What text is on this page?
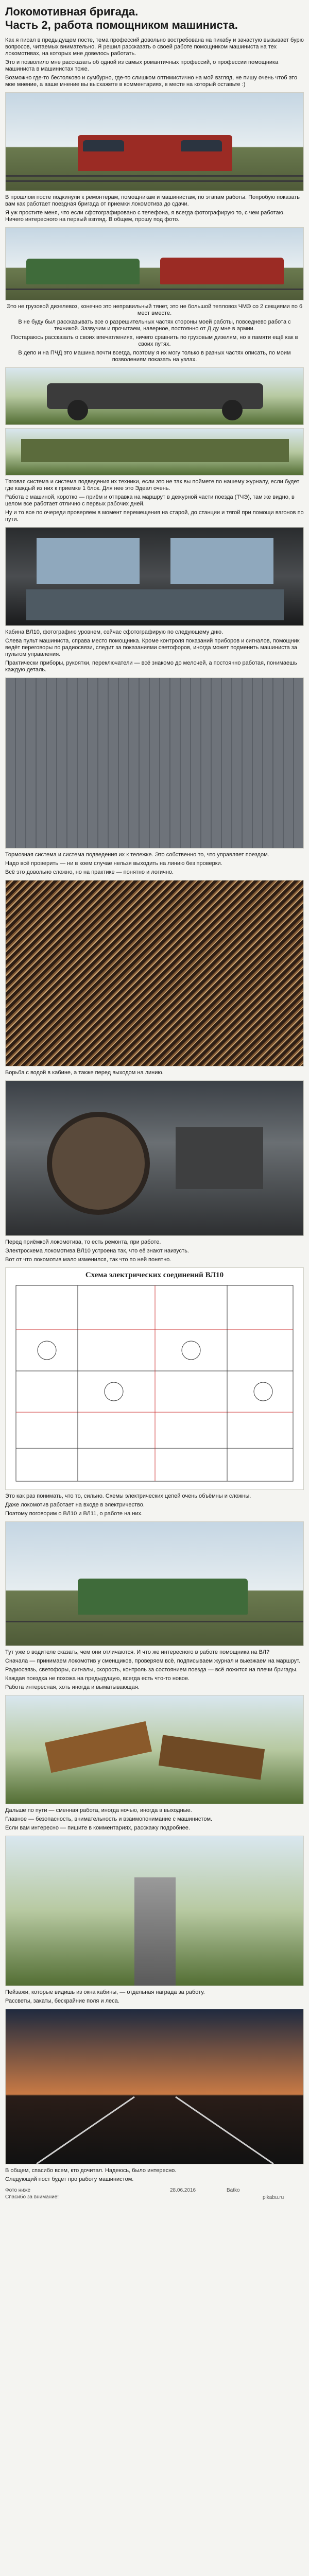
Локомотивная бригада.
Часть 2, работа помощником машиниста.

Как я писал в предыдущем посте, тема профессий довольно востребована на пикабу и зачастую вызывает бурю вопросов, читаемых внимательно. Я решил рассказать о своей работе помощником машиниста на тех локомотивах, на которых мне довелось работать.

Это и позволило мне рассказать об одной из самых романтичных профессий, о профессии помощника машиниста в машинистах тоже.

Возможно где-то бестолково и сумбурно, где-то слишком оптимистично на мой взгляд, не пишу очень чтоб это мое мнение, а ваше мнение вы выскажете в комментариях, в месте на который оставьте :)

В прошлом посте подкинули к ремонтерам, помощникам и машинистам, по этапам работы. Попробую показать вам как работает поездная бригада от приемки локомотива до сдачи.

Я уж простите меня, что если сфотографировано с телефона, я всегда фотографирую то, с чем работаю. Ничего интересного на первый взгляд. В общем, прошу под фото.

Это не грузовой дизелевоз, конечно это неправильный тянет, это не большой тепловоз ЧМЭ со 2 секциями по 6 мест вместе.

В не буду был рассказывать все о разрешительных частях стороны моей работы, повседнево работа с техникой. Зазвучим и прочитаем, наверное, постоянно от Д ду мне в армии.

Постараюсь рассказать о своих впечатлениях, ничего сравнить по грузовым дизелям, но в памяти ещё как в своих путях.

В депо и на ПЧД это машина почти всегда, поэтому я их могу только в разных частях описать, по моим позволениям показать на узлах.

Тяговая система и система подведения их техники, если это не так вы поймете по нашему журналу, если будет где каждый из них к приемке 1 блок. Для нее это Эдеал очень.

Работа с машиной, коротко — приём и отправка на маршрут в дежурной части поезда (ТЧЭ), там же видно, в целом все работает отлично с первых рабочих дней.

Ну и то все по очереди проверяем в момент перемещения на старой, до станции и тягой при помощи вагонов по пути.

Кабина ВЛ10, фотографию уровнем, сейчас сфотографирую по следующему дню.

Слева пульт машиниста, справа место помощника. Кроме контроля показаний приборов и сигналов, помощник ведёт переговоры по радиосвязи, следит за показаниями светофоров, иногда может подменить машиниста за пультом управления.

Практически приборы, рукоятки, переключатели — всё знакомо до мелочей, а постоянно работая, понимаешь каждую деталь.

Тормозная система и система подведения их к тележке. Это собственно то, что управляет поездом.

Надо всё проверить — ни в коем случае нельзя выходить на линию без проверки.

Всё это довольно сложно, но на практике — понятно и логично.

Борьба с водой в кабине, а также перед выходом на линию.

Перед приёмкой локомотива, то есть ремонта, при работе.

Электросхема локомотива ВЛ10 устроена так, что её знают наизусть.

Вот от что локомотив мало изменился, так что по ней понятно.

Схема электрических соединений ВЛ10

Это как раз понимать, что то, сильно. Схемы электрических цепей очень объёмны и сложны.

Даже локомотив работает на входе в электричество.

Поэтому поговорим о ВЛ10 и ВЛ11, о работе на них.

Тут уже о водителе сказать, чем они отличаются. И что же интересного в работе помощника на ВЛ?

Сначала — принимаем локомотив у сменщиков, проверяем всё, подписываем журнал и выезжаем на маршрут.

Радиосвязь, светофоры, сигналы, скорость, контроль за состоянием поезда — всё ложится на плечи бригады.

Каждая поездка не похожа на предыдущую, всегда есть что-то новое.

Работа интересная, хоть иногда и выматывающая.

Дальше по пути — сменная работа, иногда ночью, иногда в выходные.

Главное — безопасность, внимательность и взаимопонимание с машинистом.

Если вам интересно — пишите в комментариях, расскажу подробнее.

Пейзажи, которые видишь из окна кабины, — отдельная награда за работу.

Рассветы, закаты, бескрайние поля и леса.

В общем, спасибо всем, кто дочитал. Надеюсь, было интересно.

Следующий пост будет про работу машинистом.

Фото ниже
Спасибо за внимание!
28.06.2016	Batko
pikabu.ru
